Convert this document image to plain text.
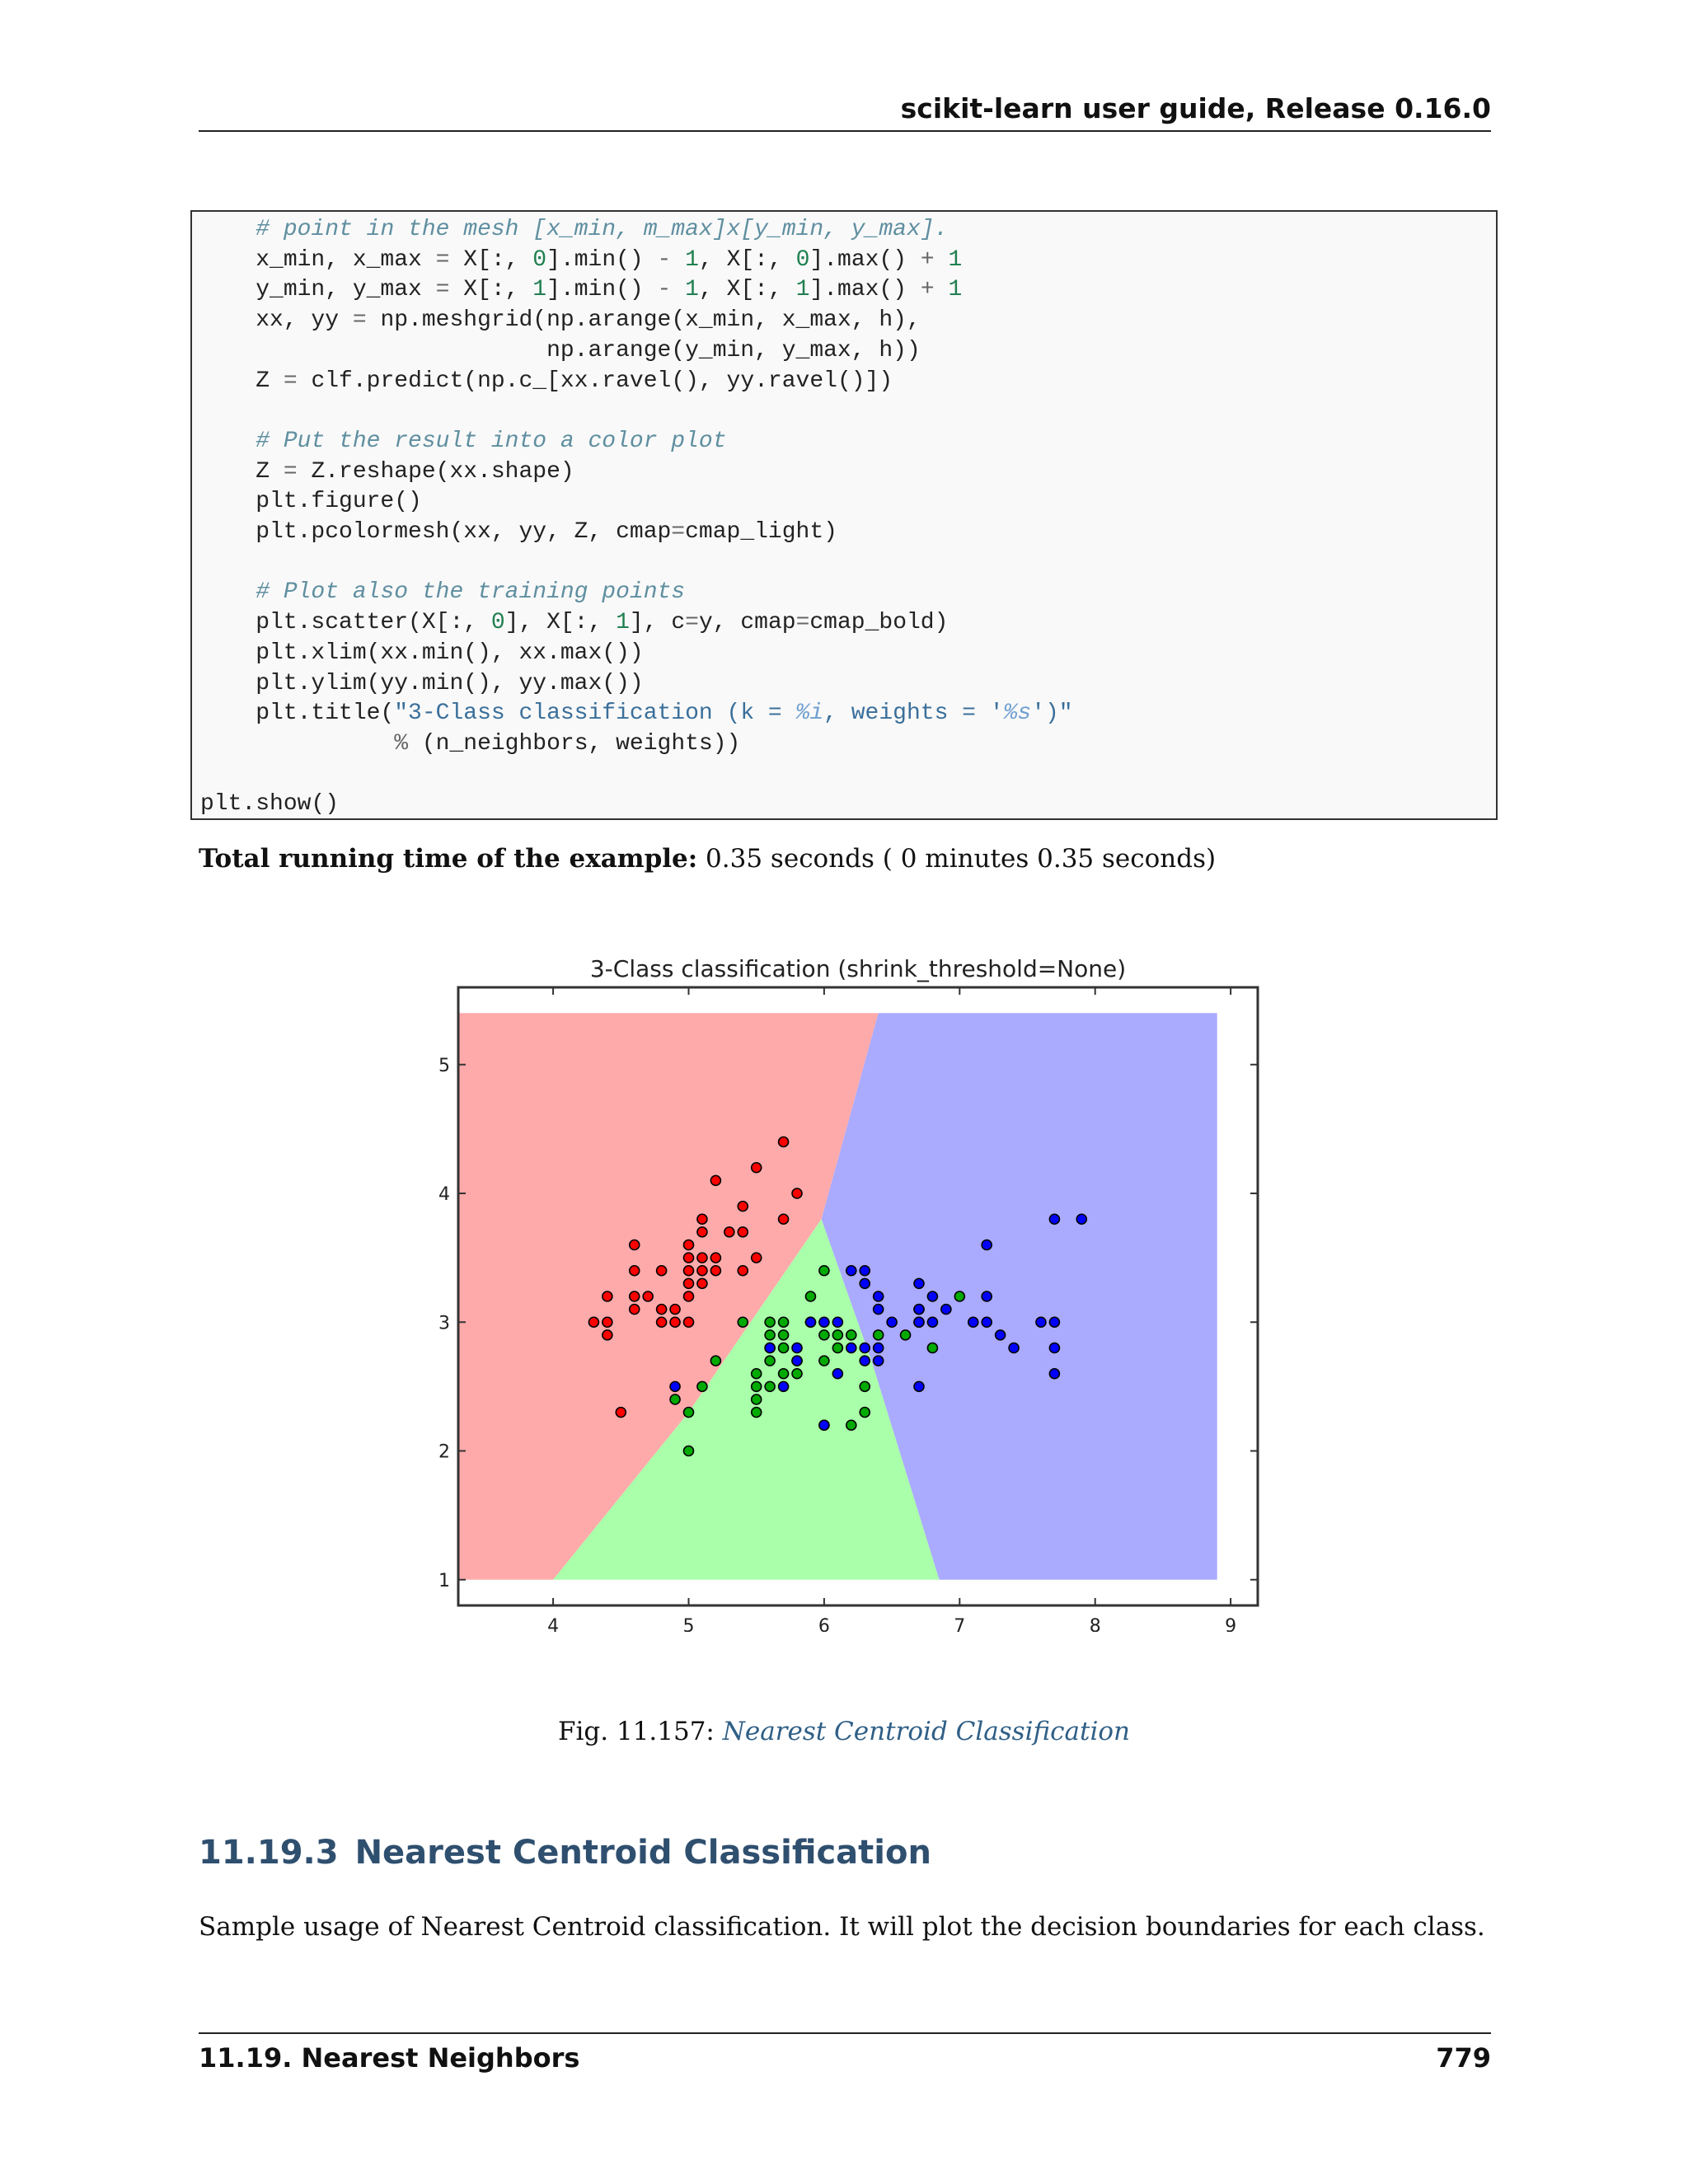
scikit-learn user guide, Release 0.16.0
# point in the mesh [x_min, m_max]x[y_min, y_max].
x_min, x_max = X[:, 0].min() - 1, X[:, 0].max() + 1
y_min, y_max = X[:, 1].min() - 1, X[:, 1].max() + 1
xx, yy = np.meshgrid(np.arange(x_min, x_max, h),
np.arange(y_min, y_max, h))
Z = clf.predict(np.c_[xx.ravel(), yy.ravel()])

# Put the result into a color plot
Z = Z.reshape(xx.shape)
plt.figure()
plt.pcolormesh(xx, yy, Z, cmap=cmap_light)

# Plot also the training points
plt.scatter(X[:, 0], X[:, 1], c=y, cmap=cmap_bold)
plt.xlim(xx.min(), xx.max())
plt.ylim(yy.min(), yy.max())
plt.title("3-Class classification (k = %i, weights = '%s')"
% (n_neighbors, weights))

plt.show()
Total running time of the example: 0.35 seconds ( 0 minutes 0.35 seconds)
4	5	6	7	8	9
1
2
3
4
5
3-Class classification (shrink_threshold=None)
Fig. 11.157: Nearest Centroid Classification
11.19.3 Nearest Centroid Classification
Sample usage of Nearest Centroid classification. It will plot the decision boundaries for each class.
11.19. Nearest Neighbors	779
